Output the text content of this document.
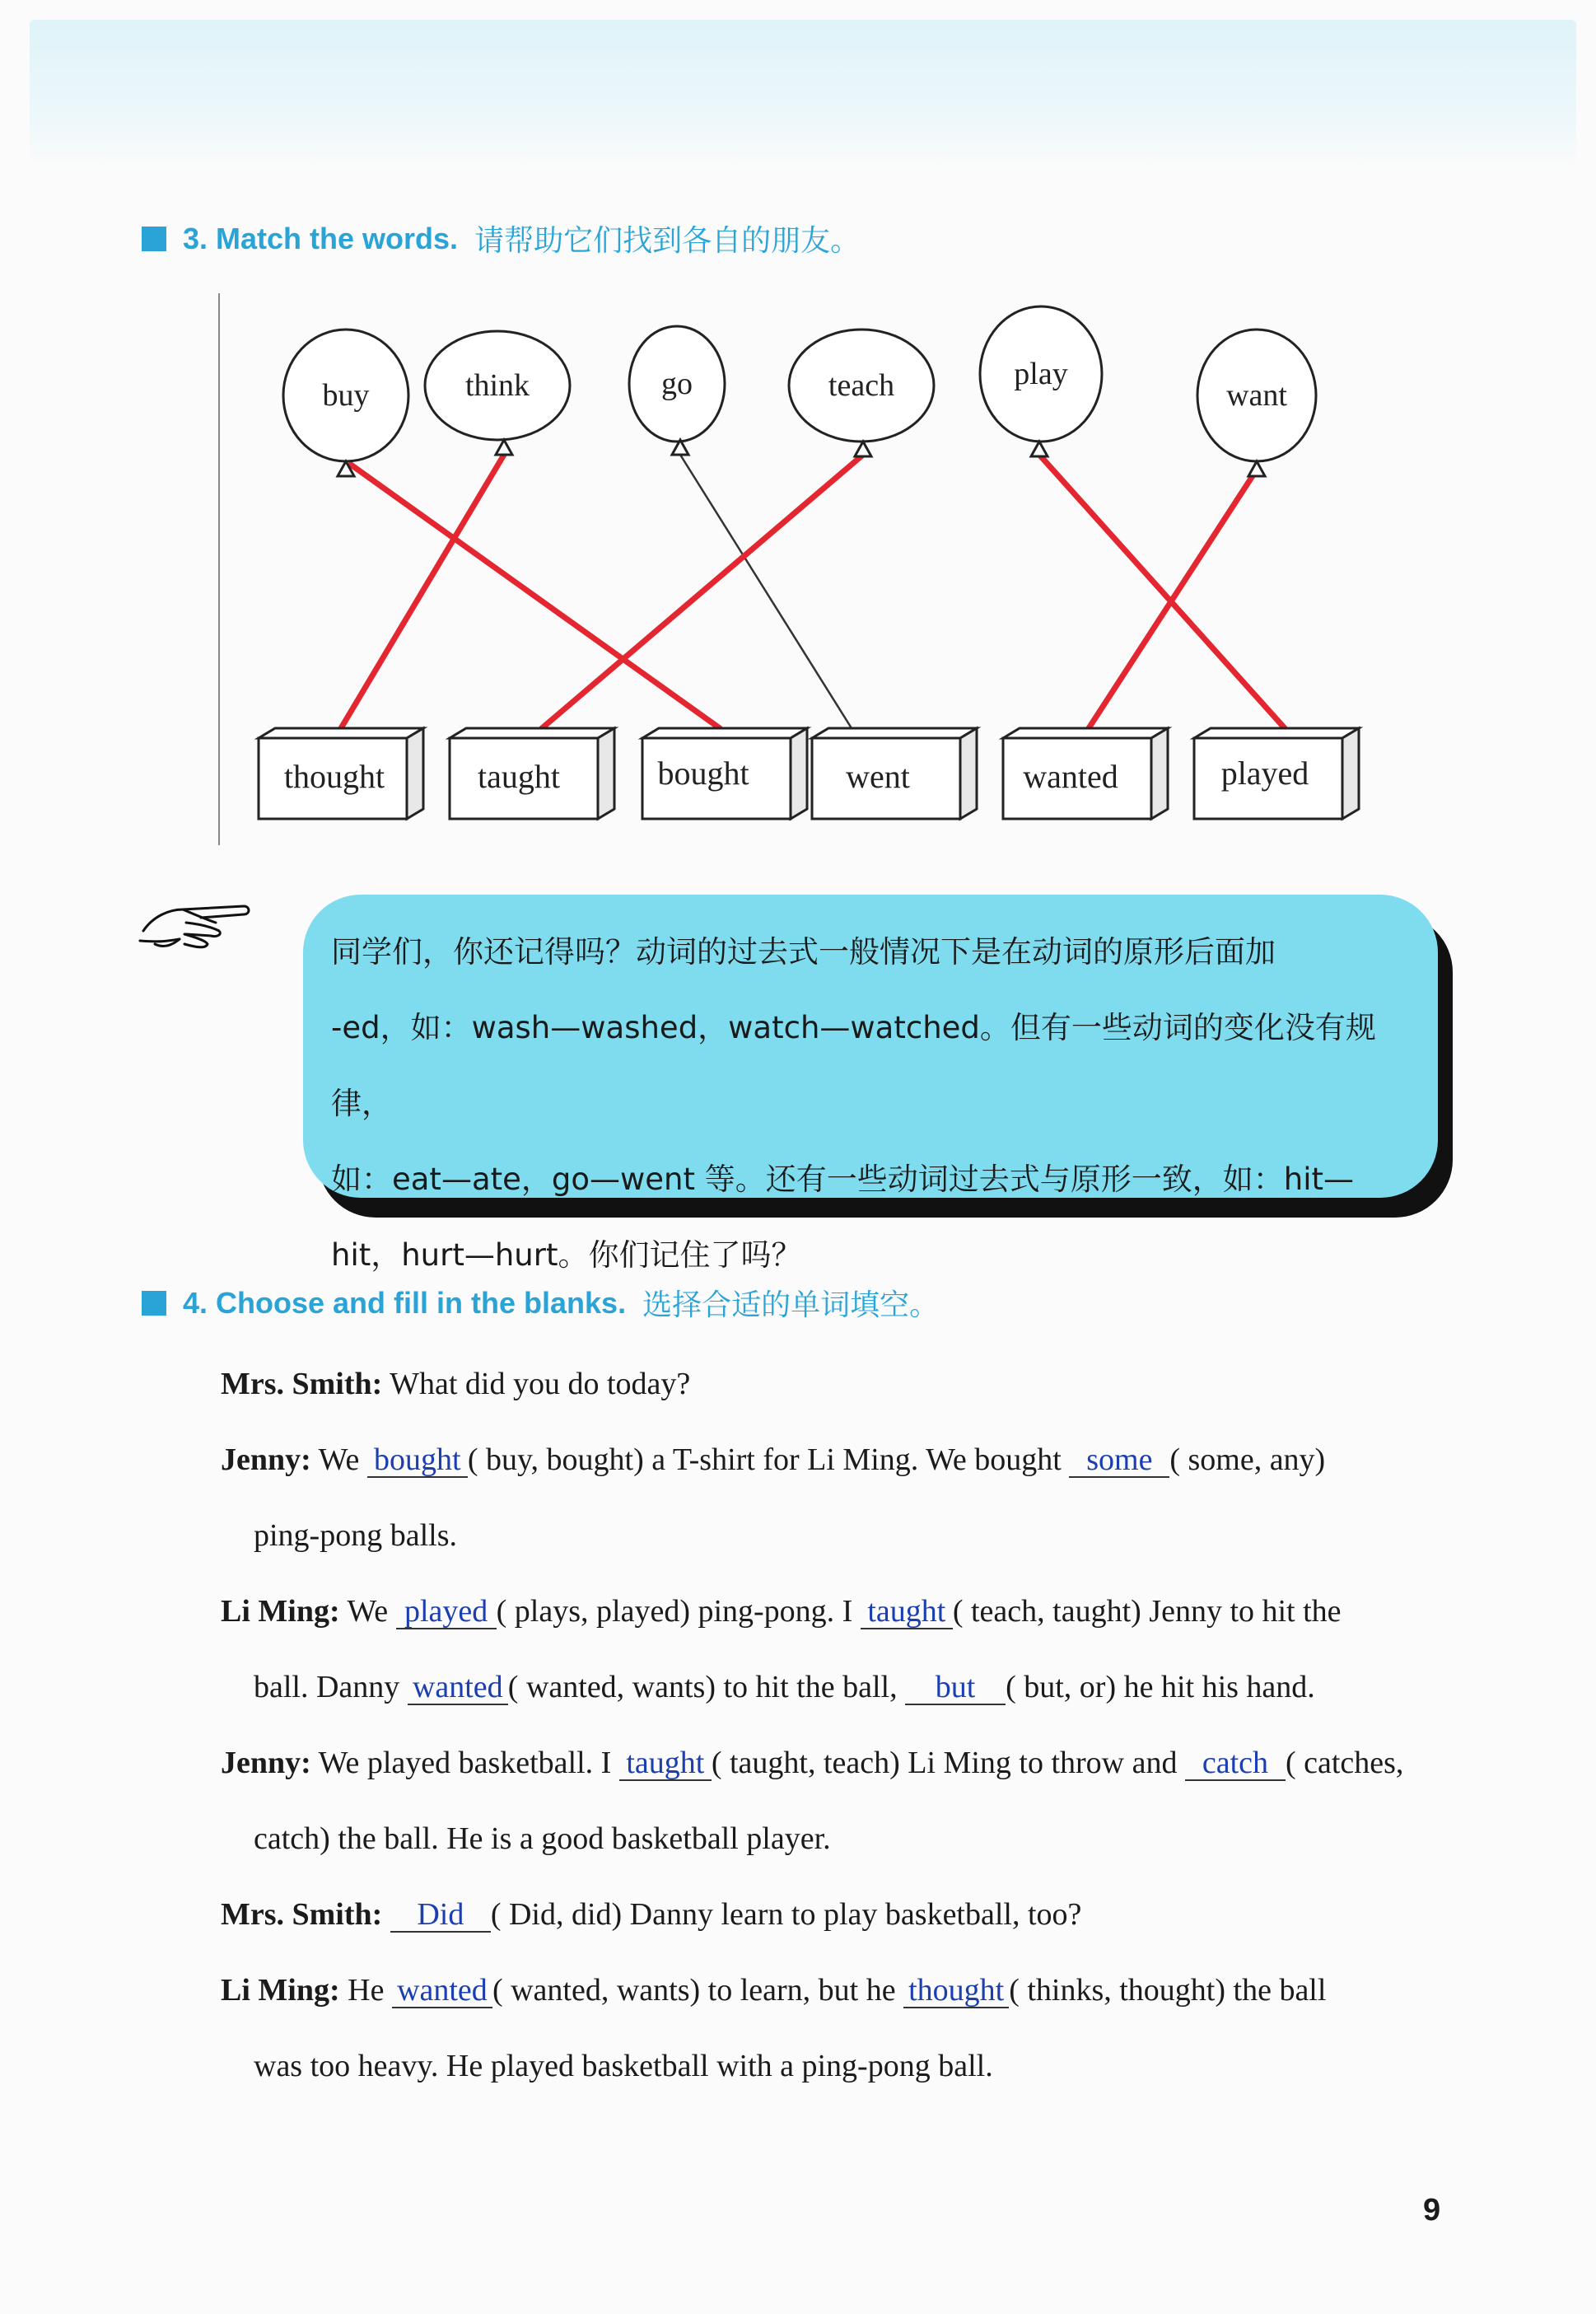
3. Match the words. 请帮助它们找到各自的朋友。
buy	think	go	teach	play
want
thought	taught	bought	went	wanted	played
同学们，你还记得吗？动词的过去式一般情况下是在动词的原形后面加
-ed，如：wash—washed，watch—watched。但有一些动词的变化没有规律，
如：eat—ate，go—went 等。还有一些动词过去式与原形一致，如：hit—
hit，hurt—hurt。你们记住了吗？
4. Choose and fill in the blanks. 选择合适的单词填空。
Mrs. Smith: What did you do today?
Jenny: We bought ( buy, bought) a T-shirt for Li Ming. We bought some ( some, any)
ping-pong balls.
Li Ming: We played ( plays, played) ping-pong. I taught ( teach, taught) Jenny to hit the
ball. Danny wanted ( wanted, wants) to hit the ball, but ( but, or) he hit his hand.
Jenny: We played basketball. I taught ( taught, teach) Li Ming to throw and catch ( catches,
catch) the ball. He is a good basketball player.
Mrs. Smith: Did ( Did, did) Danny learn to play basketball, too?
Li Ming: He wanted ( wanted, wants) to learn, but he thought ( thinks, thought) the ball
was too heavy. He played basketball with a ping-pong ball.
9
